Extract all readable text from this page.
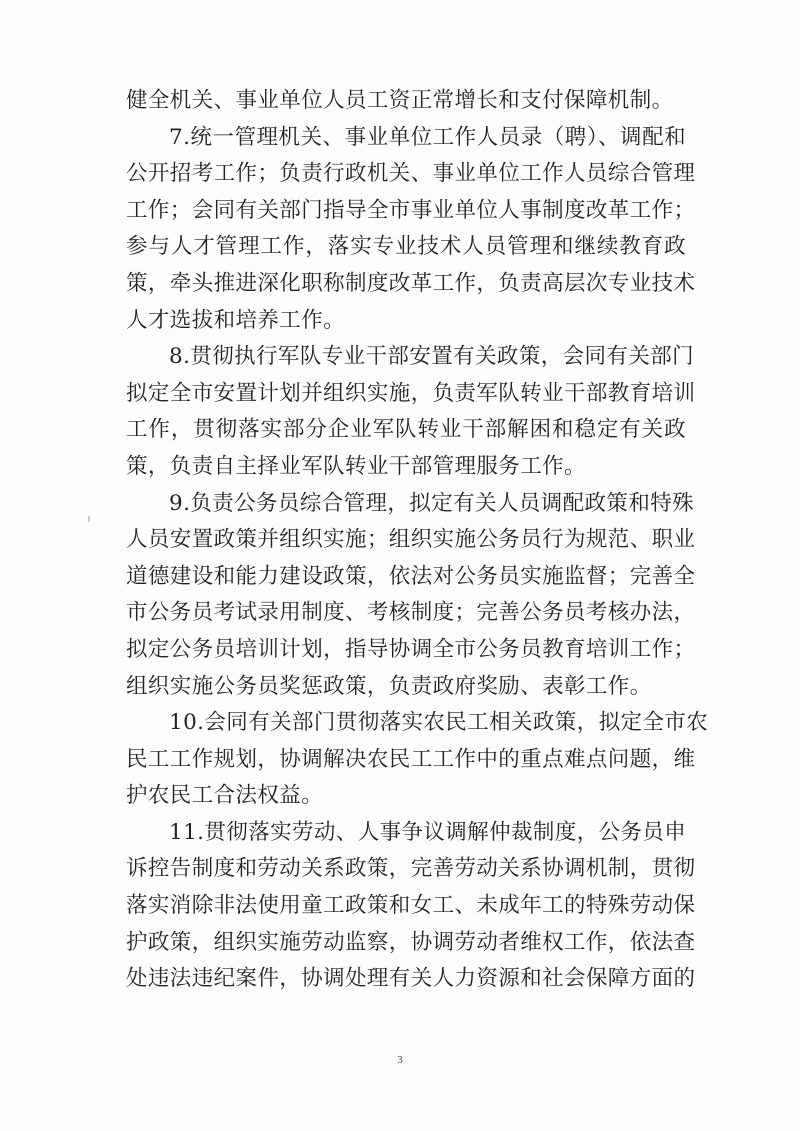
健全机关、事业单位人员工资正常增长和支付保障机制。
7.统一管理机关、事业单位工作人员录（聘）、调配和
公开招考工作；负责行政机关、事业单位工作人员综合管理
工作；会同有关部门指导全市事业单位人事制度改革工作；
参与人才管理工作，落实专业技术人员管理和继续教育政
策，牵头推进深化职称制度改革工作，负责高层次专业技术
人才选拔和培养工作。
8.贯彻执行军队专业干部安置有关政策，会同有关部门
拟定全市安置计划并组织实施，负责军队转业干部教育培训
工作，贯彻落实部分企业军队转业干部解困和稳定有关政
策，负责自主择业军队转业干部管理服务工作。
9.负责公务员综合管理，拟定有关人员调配政策和特殊
人员安置政策并组织实施；组织实施公务员行为规范、职业
道德建设和能力建设政策，依法对公务员实施监督；完善全
市公务员考试录用制度、考核制度；完善公务员考核办法，
拟定公务员培训计划，指导协调全市公务员教育培训工作；
组织实施公务员奖惩政策，负责政府奖励、表彰工作。
10.会同有关部门贯彻落实农民工相关政策，拟定全市农
民工工作规划，协调解决农民工工作中的重点难点问题，维
护农民工合法权益。
11.贯彻落实劳动、人事争议调解仲裁制度，公务员申
诉控告制度和劳动关系政策，完善劳动关系协调机制，贯彻
落实消除非法使用童工政策和女工、未成年工的特殊劳动保
护政策，组织实施劳动监察，协调劳动者维权工作，依法查
处违法违纪案件，协调处理有关人力资源和社会保障方面的
3
